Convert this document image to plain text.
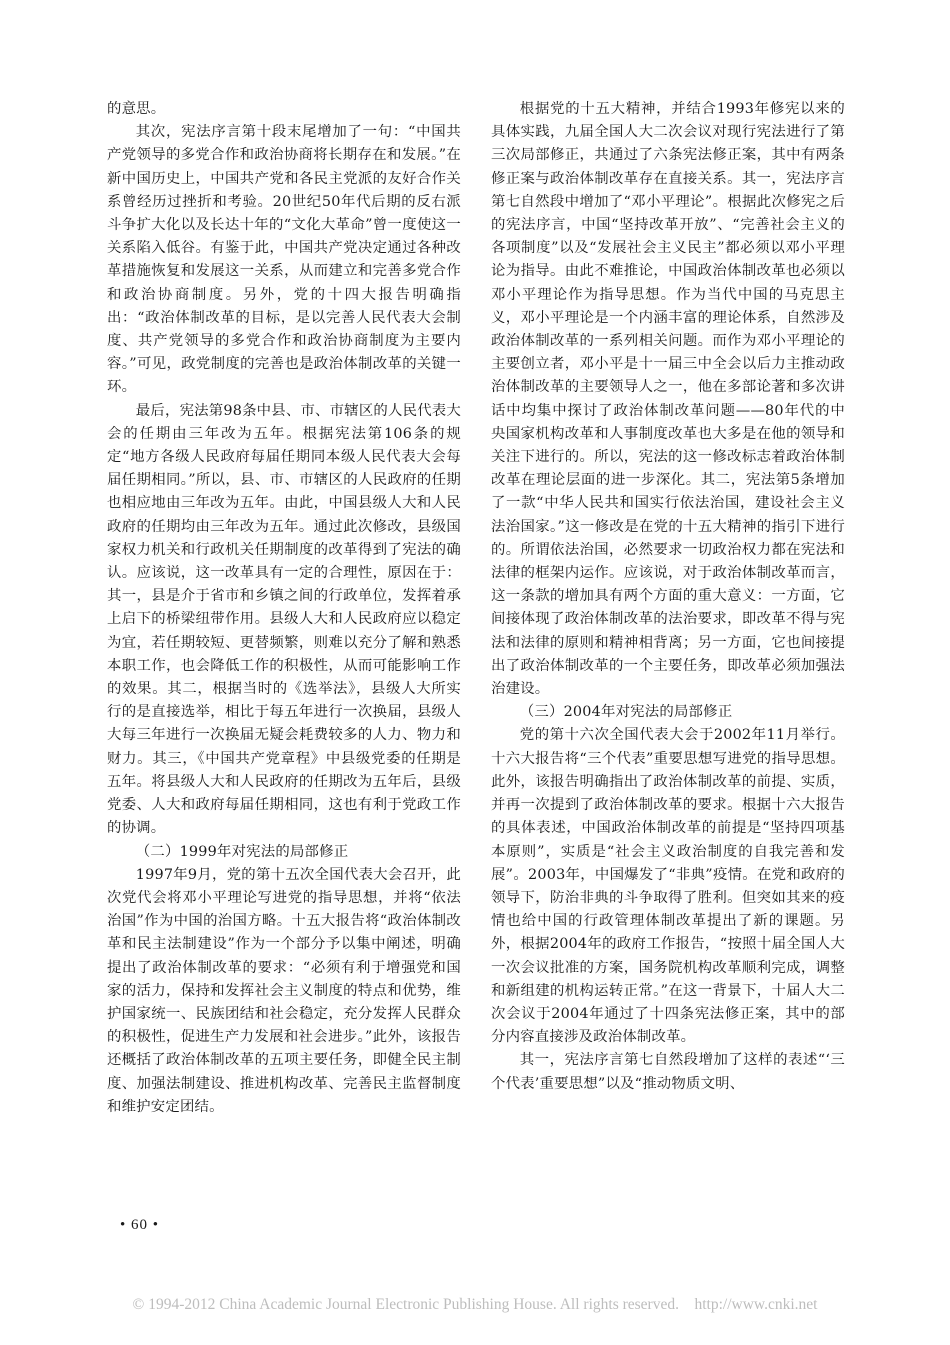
的意思。

其次，宪法序言第十段末尾增加了一句：“中国共产党领导的多党合作和政治协商将长期存在和发展。”在新中国历史上，中国共产党和各民主党派的友好合作关系曾经历过挫折和考验。20世纪50年代后期的反右派斗争扩大化以及长达十年的“文化大革命”曾一度使这一关系陷入低谷。有鉴于此，中国共产党决定通过各种改革措施恢复和发展这一关系，从而建立和完善多党合作和政治协商制度。另外，党的十四大报告明确指出：“政治体制改革的目标，是以完善人民代表大会制度、共产党领导的多党合作和政治协商制度为主要内容。”可见，政党制度的完善也是政治体制改革的关键一环。

最后，宪法第98条中县、市、市辖区的人民代表大会的任期由三年改为五年。根据宪法第106条的规定“地方各级人民政府每届任期同本级人民代表大会每届任期相同。”所以，县、市、市辖区的人民政府的任期也相应地由三年改为五年。由此，中国县级人大和人民政府的任期均由三年改为五年。通过此次修改，县级国家权力机关和行政机关任期制度的改革得到了宪法的确认。应该说，这一改革具有一定的合理性，原因在于：其一，县是介于省市和乡镇之间的行政单位，发挥着承上启下的桥梁纽带作用。县级人大和人民政府应以稳定为宜，若任期较短、更替频繁，则难以充分了解和熟悉本职工作，也会降低工作的积极性，从而可能影响工作的效果。其二，根据当时的《选举法》，县级人大所实行的是直接选举，相比于每五年进行一次换届，县级人大每三年进行一次换届无疑会耗费较多的人力、物力和财力。其三，《中国共产党章程》中县级党委的任期是五年。将县级人大和人民政府的任期改为五年后，县级党委、人大和政府每届任期相同，这也有利于党政工作的协调。

（二）1999年对宪法的局部修正

1997年9月，党的第十五次全国代表大会召开，此次党代会将邓小平理论写进党的指导思想，并将“依法治国”作为中国的治国方略。十五大报告将“政治体制改革和民主法制建设”作为一个部分予以集中阐述，明确提出了政治体制改革的要求：“必须有利于增强党和国家的活力，保持和发挥社会主义制度的特点和优势，维护国家统一、民族团结和社会稳定，充分发挥人民群众的积极性，促进生产力发展和社会进步。”此外，该报告还概括了政治体制改革的五项主要任务，即健全民主制度、加强法制建设、推进机构改革、完善民主监督制度和维护安定团结。

根据党的十五大精神，并结合1993年修宪以来的具体实践，九届全国人大二次会议对现行宪法进行了第三次局部修正，共通过了六条宪法修正案，其中有两条修正案与政治体制改革存在直接关系。其一，宪法序言第七自然段中增加了“邓小平理论”。根据此次修宪之后的宪法序言，中国“坚持改革开放”、“完善社会主义的各项制度”以及“发展社会主义民主”都必须以邓小平理论为指导。由此不难推论，中国政治体制改革也必须以邓小平理论作为指导思想。作为当代中国的马克思主义，邓小平理论是一个内涵丰富的理论体系，自然涉及政治体制改革的一系列相关问题。而作为邓小平理论的主要创立者，邓小平是十一届三中全会以后力主推动政治体制改革的主要领导人之一，他在多部论著和多次讲话中均集中探讨了政治体制改革问题——80年代的中央国家机构改革和人事制度改革也大多是在他的领导和关注下进行的。所以，宪法的这一修改标志着政治体制改革在理论层面的进一步深化。其二，宪法第5条增加了一款“中华人民共和国实行依法治国，建设社会主义法治国家。”这一修改是在党的十五大精神的指引下进行的。所谓依法治国，必然要求一切政治权力都在宪法和法律的框架内运作。应该说，对于政治体制改革而言，这一条款的增加具有两个方面的重大意义：一方面，它间接体现了政治体制改革的法治要求，即改革不得与宪法和法律的原则和精神相背离；另一方面，它也间接提出了政治体制改革的一个主要任务，即改革必须加强法治建设。

（三）2004年对宪法的局部修正

党的第十六次全国代表大会于2002年11月举行。十六大报告将“三个代表”重要思想写进党的指导思想。此外，该报告明确指出了政治体制改革的前提、实质，并再一次提到了政治体制改革的要求。根据十六大报告的具体表述，中国政治体制改革的前提是“坚持四项基本原则”，实质是“社会主义政治制度的自我完善和发展”。2003年，中国爆发了“非典”疫情。在党和政府的领导下，防治非典的斗争取得了胜利。但突如其来的疫情也给中国的行政管理体制改革提出了新的课题。另外，根据2004年的政府工作报告，“按照十届全国人大一次会议批准的方案，国务院机构改革顺利完成，调整和新组建的机构运转正常。”在这一背景下，十届人大二次会议于2004年通过了十四条宪法修正案，其中的部分内容直接涉及政治体制改革。

其一，宪法序言第七自然段增加了这样的表述“‘三个代表’重要思想”以及“推动物质文明、

• 60 •
© 1994-2012 China Academic Journal Electronic Publishing House. All rights reserved.    http://www.cnki.net
